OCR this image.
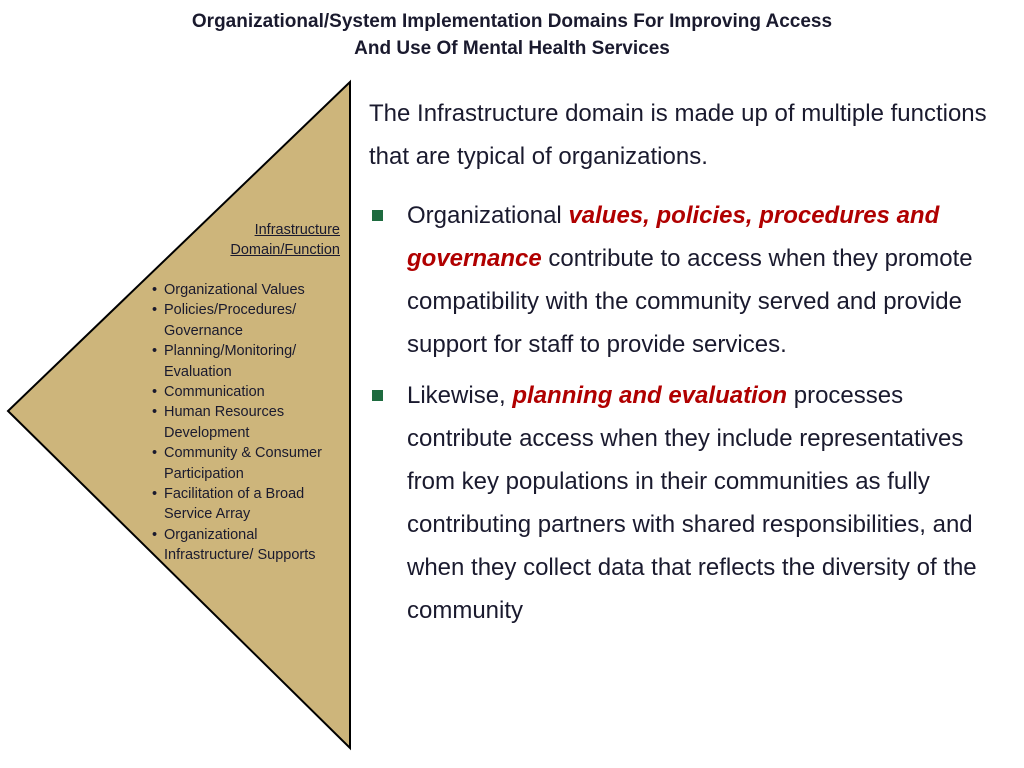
Organizational/System Implementation Domains For Improving Access
And Use Of Mental Health Services
Infrastructure
Domain/Function
• Organizational Values
• Policies/Procedures/
Governance
• Planning/Monitoring/
Evaluation
• Communication
• Human Resources
Development
• Community & Consumer
Participation
• Facilitation of a Broad
Service Array
• Organizational
Infrastructure/ Supports
The Infrastructure domain is made up of multiple functions that are typical of organizations.
Organizational values, policies, procedures and governance contribute to access when they promote compatibility with the community served and provide support for staff to provide services.
Likewise, planning and evaluation processes contribute access when they include representatives from key populations in their communities as fully contributing partners with shared responsibilities, and when they collect data that reflects the diversity of the community
